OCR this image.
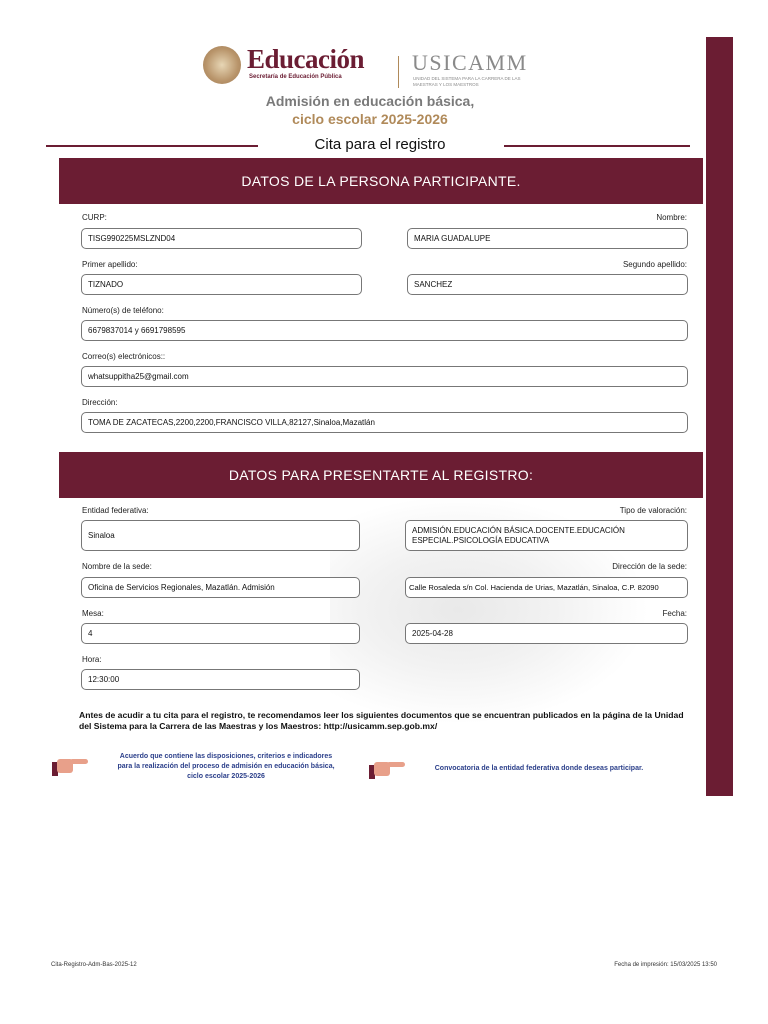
Educación
Secretaría de Educación Pública
USICAMM
UNIDAD DEL SISTEMA PARA LA CARRERA DE LAS MAESTRAS Y LOS MAESTROS
Admisión en educación básica,
ciclo escolar 2025-2026
Cita para el registro
DATOS DE LA PERSONA PARTICIPANTE.
CURP:	Nombre:
TISG990225MSLZND04	MARIA GUADALUPE
Primer apellido:	Segundo apellido:
TIZNADO	SANCHEZ
Número(s) de teléfono:
6679837014 y 6691798595
Correo(s) electrónicos::
whatsuppitha25@gmail.com
Dirección:
TOMA DE ZACATECAS,2200,2200,FRANCISCO VILLA,82127,Sinaloa,Mazatlán
DATOS PARA PRESENTARTE AL REGISTRO:
Entidad federativa:	Tipo de valoración:
Sinaloa
ADMISIÓN.EDUCACIÓN BÁSICA.DOCENTE.EDUCACIÓN ESPECIAL.PSICOLOGÍA EDUCATIVA
Nombre de la sede:	Dirección de la sede:
Oficina de Servicios Regionales, Mazatlán. Admisión	Calle Rosaleda s/n Col. Hacienda de Urias, Mazatlán, Sinaloa, C.P. 82090
Mesa:	Fecha:
4	2025-04-28
Hora:
12:30:00
Antes de acudir a tu cita para el registro, te recomendamos leer los siguientes documentos que se encuentran publicados en la página de la Unidad del Sistema para la Carrera de las Maestras y los Maestros: http://usicamm.sep.gob.mx/
Acuerdo que contiene las disposiciones, criterios e indicadores
para la realización del proceso de admisión en educación básica,
ciclo escolar 2025-2026
Convocatoria de la entidad federativa donde deseas participar.
Cita-Registro-Adm-Bas-2025-12	Fecha de impresión: 15/03/2025 13:50
